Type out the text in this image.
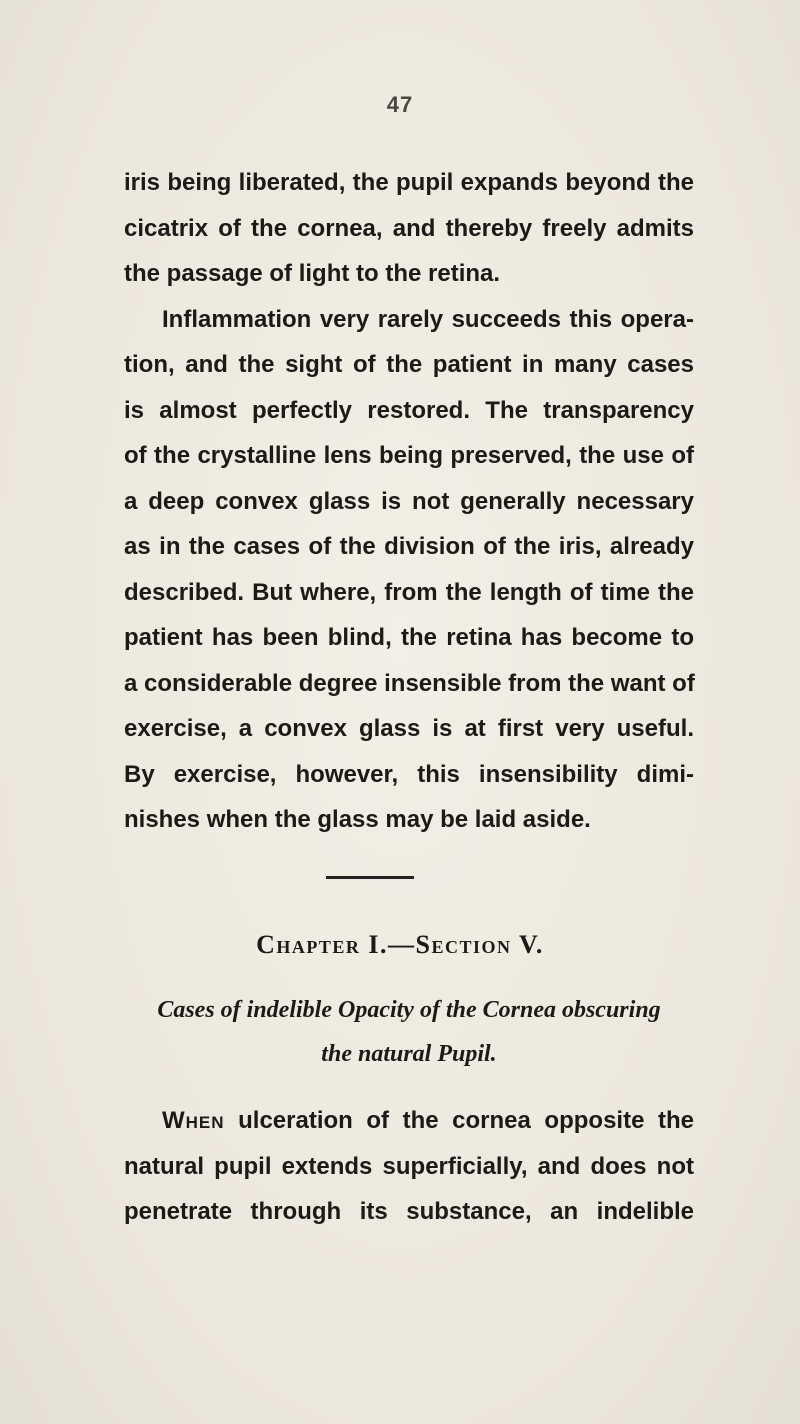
47
iris being liberated, the pupil expands beyond the
cicatrix of the cornea, and thereby freely admits
the passage of light to the retina.
Inflammation very rarely succeeds this opera-
tion, and the sight of the patient in many cases
is almost perfectly restored. The transparency
of the crystalline lens being preserved, the use of
a deep convex glass is not generally necessary
as in the cases of the division of the iris, already
described. But where, from the length of time the
patient has been blind, the retina has become to
a considerable degree insensible from the want of
exercise, a convex glass is at first very useful.
By exercise, however, this insensibility dimi-
nishes when the glass may be laid aside.
Chapter I.—Section V.
Cases of indelible Opacity of the Cornea obscuring
the natural Pupil.
When ulceration of the cornea opposite the
natural pupil extends superficially, and does not
penetrate through its substance, an indelible
